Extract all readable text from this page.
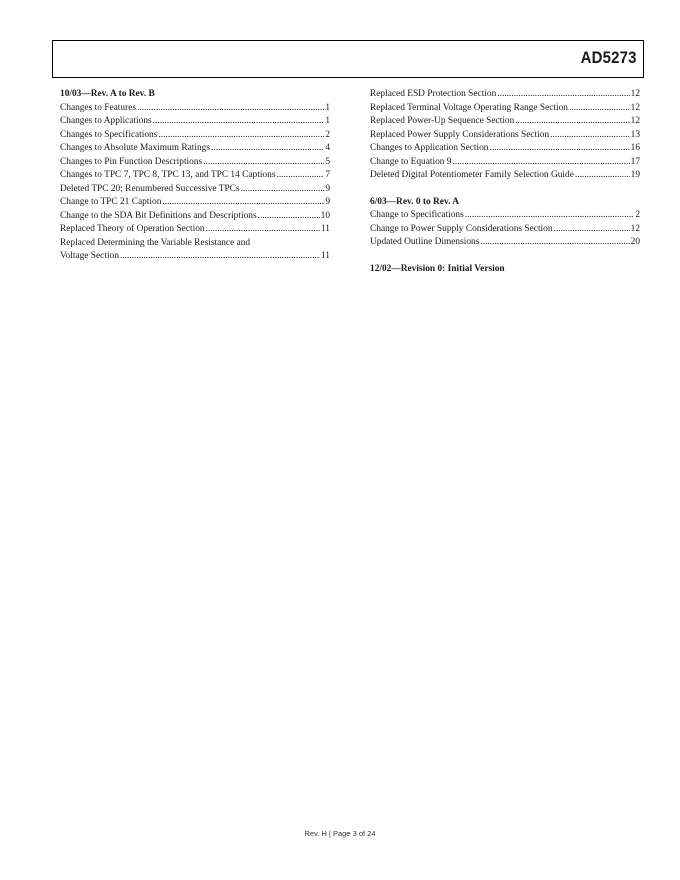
AD5273
10/03—Rev. A to Rev. B
Changes to Features .....	1
Changes to Applications .....	1
Changes to Specifications .....	2
Changes to Absolute Maximum Ratings .....	4
Changes to Pin Function Descriptions .....	5
Changes to TPC 7, TPC 8, TPC 13, and TPC 14 Captions .....	7
Deleted TPC 20; Renumbered Successive TPCs .....	9
Change to TPC 21 Caption .....	9
Change to the SDA Bit Definitions and Descriptions .....	10
Replaced Theory of Operation Section .....	11
Replaced Determining the Variable Resistance and
Voltage Section .....	11
Replaced ESD Protection Section .....	12
Replaced Terminal Voltage Operating Range Section .....	12
Replaced Power-Up Sequence Section .....	12
Replaced Power Supply Considerations Section .....	13
Changes to Application Section .....	16
Change to Equation 9 .....	17
Deleted Digital Potentiometer Family Selection Guide .....	19
6/03—Rev. 0 to Rev. A
Change to Specifications .....	2
Change to Power Supply Considerations Section .....	12
Updated Outline Dimensions .....	20
12/02—Revision 0: Initial Version
Rev. H | Page 3 of 24
